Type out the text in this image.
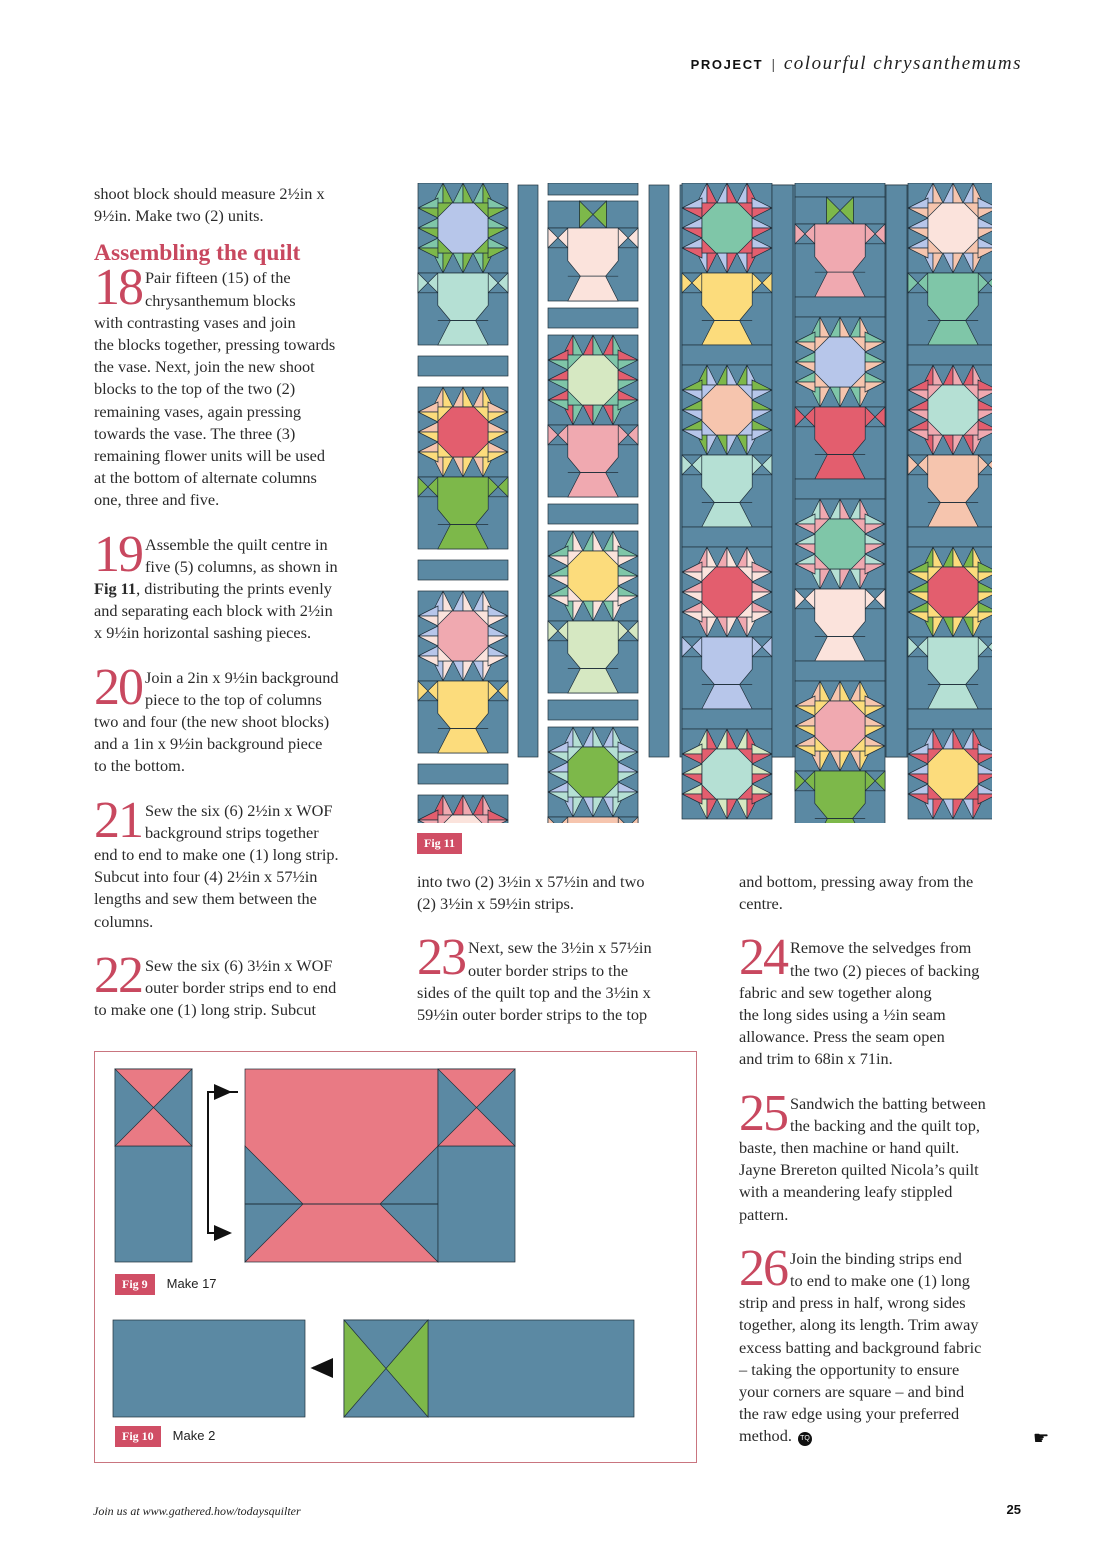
PROJECT | colourful chrysanthemums

shoot block should measure 2½in x

9½in. Make two (2) units.

Assembling the quilt
18 Pair fifteen (15) of the

chrysanthemum blocks

with contrasting vases and join

the blocks together, pressing towards

the vase. Next, join the new shoot

blocks to the top of the two (2)

remaining vases, again pressing

towards the vase. The three (3)

remaining flower units will be used

at the bottom of alternate columns

one, three and five.

19 Assemble the quilt centre in

five (5) columns, as shown in

Fig 11, distributing the prints evenly

and separating each block with 2½in

x 9½in horizontal sashing pieces.

20 Join a 2in x 9½in background

piece to the top of columns

two and four (the new shoot blocks)

and a 1in x 9½in background piece

to the bottom.

21 Sew the six (6) 2½in x WOF

background strips together

end to end to make one (1) long strip.

Subcut into four (4) 2½in x 57½in

lengths and sew them between the

columns.

22 Sew the six (6) 3½in x WOF

outer border strips end to end

to make one (1) long strip. Subcut

Fig 11

into two (2) 3½in x 57½in and two

(2) 3½in x 59½in strips.

23 Next, sew the 3½in x 57½in

outer border strips to the

sides of the quilt top and the 3½in x

59½in outer border strips to the top

and bottom, pressing away from the

centre.

24 Remove the selvedges from

the two (2) pieces of backing

fabric and sew together along

the long sides using a ½in seam

allowance. Press the seam open

and trim to 68in x 71in.

25 Sandwich the batting between

the backing and the quilt top,

baste, then machine or hand quilt.

Jayne Brereton quilted Nicola’s quilt

with a meandering leafy stippled

pattern.

26 Join the binding strips end

to end to make one (1) long

strip and press in half, wrong sides

together, along its length. Trim away

excess batting and background fabric

– taking the opportunity to ensure

your corners are square – and bind

the raw edge using your preferred

method. TQ	☛
Fig 9 Make 17
Fig 10 Make 2
Join us at www.gathered.how/todaysquilter	25
